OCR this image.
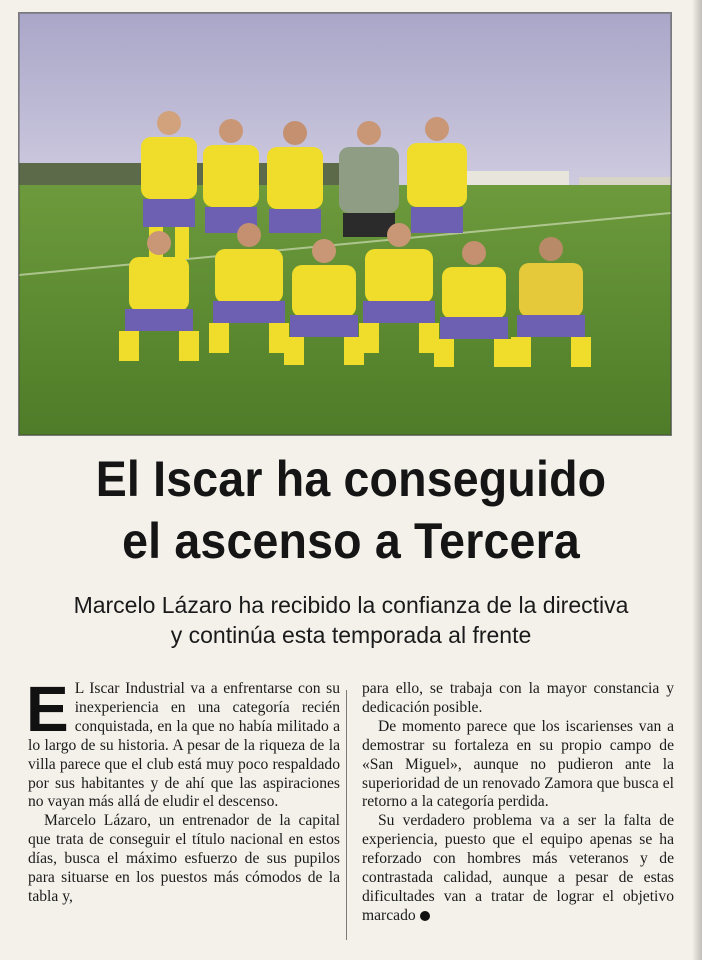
El Iscar ha conseguido
el ascenso a Tercera
Marcelo Lázaro ha recibido la confianza de la directiva
y continúa esta temporada al frente

E L Iscar Industrial va a enfrentarse con su inexperiencia en una categoría recién conquistada, en la que no había militado a lo largo de su historia. A pesar de la riqueza de la villa parece que el club está muy poco respaldado por sus habitantes y de ahí que las aspiraciones no vayan más allá de eludir el descenso.

Marcelo Lázaro, un entrenador de la capital que trata de conseguir el título nacional en estos días, busca el máximo esfuerzo de sus pupilos para situarse en los puestos más cómodos de la tabla y,

para ello, se trabaja con la mayor constancia y dedicación posible.

De momento parece que los iscarienses van a demostrar su fortaleza en su propio campo de «San Miguel», aunque no pudieron ante la superioridad de un renovado Zamora que busca el retorno a la categoría perdida.

Su verdadero problema va a ser la falta de experiencia, puesto que el equipo apenas se ha reforzado con hombres más veteranos y de contrastada calidad, aunque a pesar de estas dificultades van a tratar de lograr el objetivo marcado
